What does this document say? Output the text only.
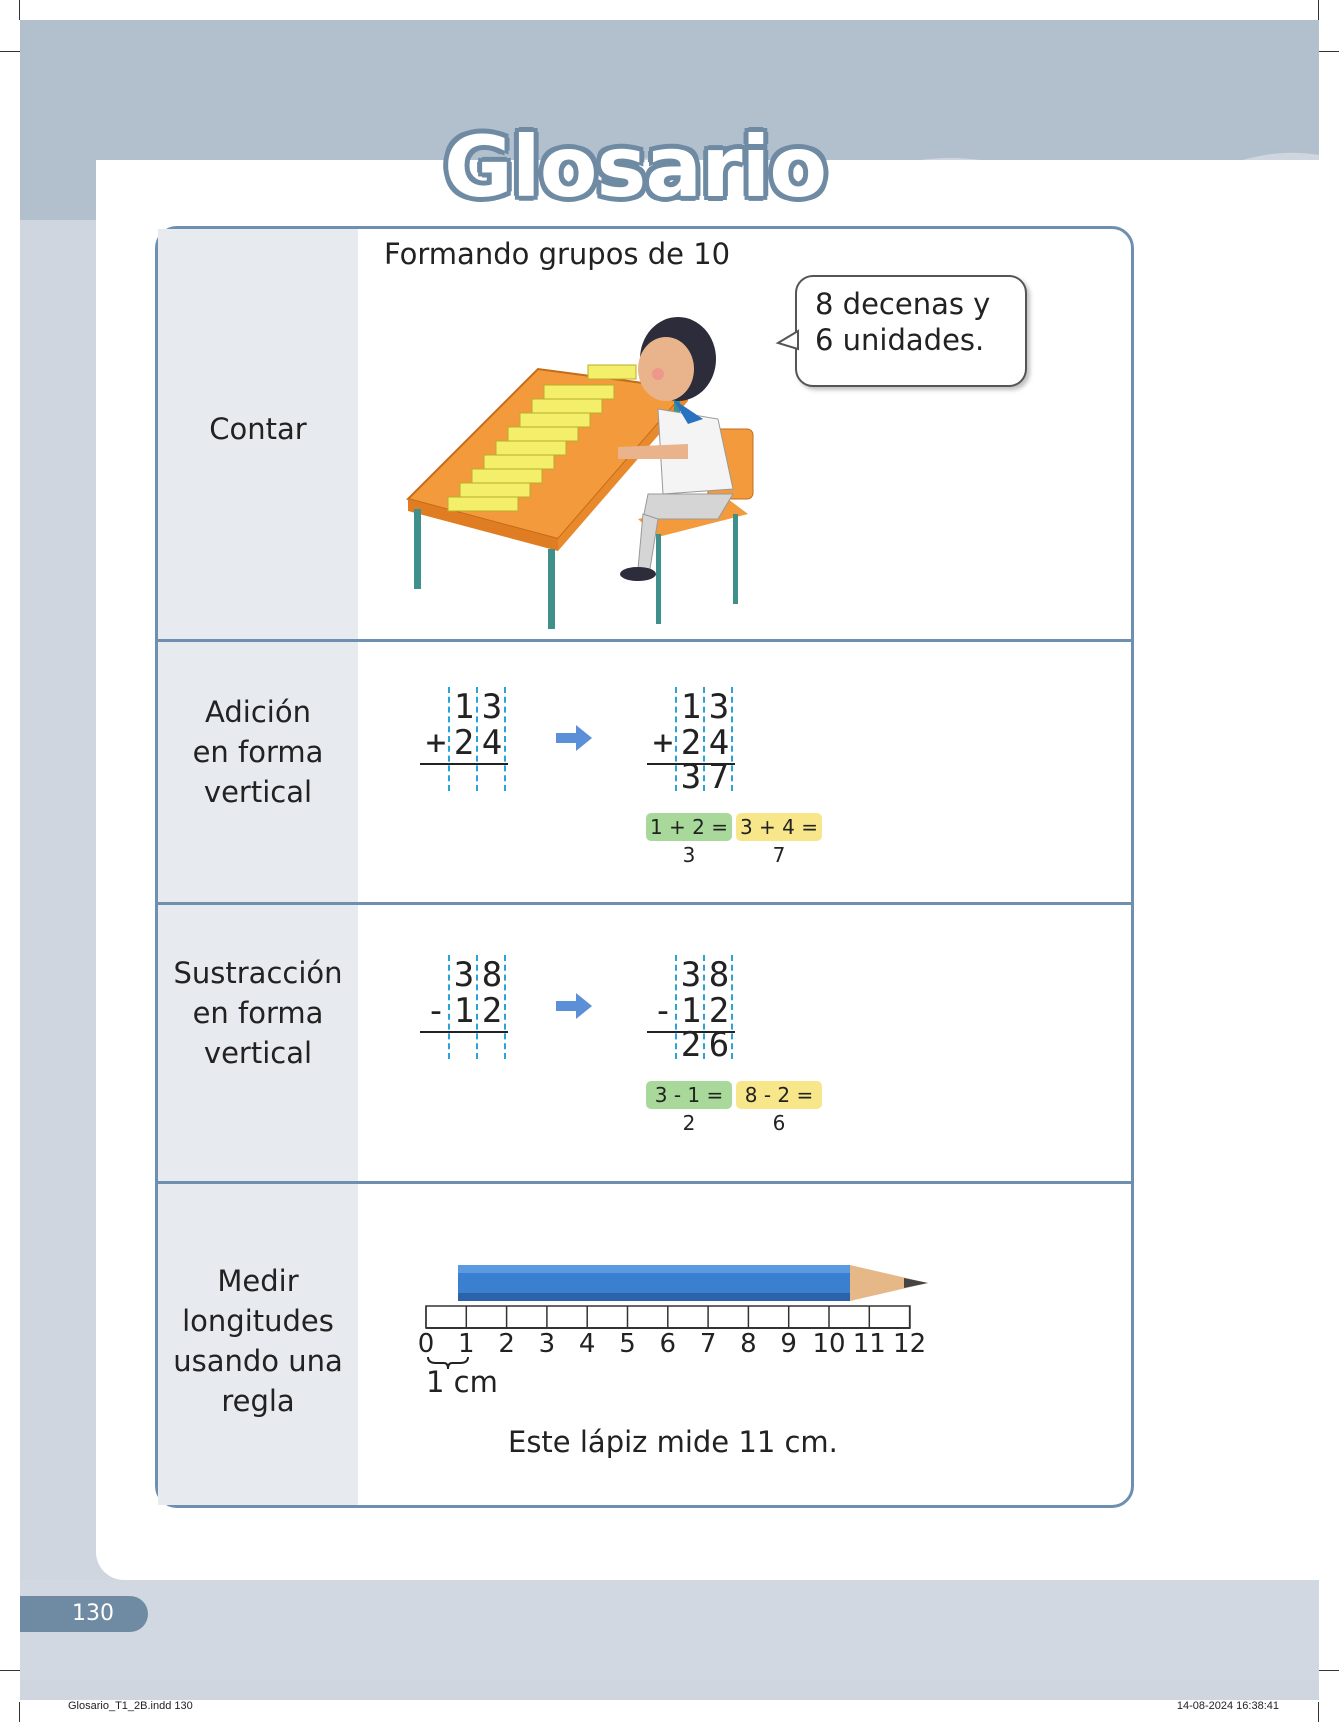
Glosario
Contar
Formando grupos de 10
8 decenas y
6 unidades.
Adición
en forma
vertical
1 3
+ 2 4
1 3
+ 2 4
3 7
1 + 2 = 3
3 + 4 = 7
Sustracción
en forma
vertical
3 8
- 1 2
3 8
- 1 2
2 6
3 - 1 = 2
8 - 2 = 6
Medir
longitudes
usando una
regla
0 1 2 3 4 5 6 7 8 9 10 11 12
1 cm
Este lápiz mide 11 cm.
130
Glosario_T1_2B.indd 130	14-08-2024 16:38:41
